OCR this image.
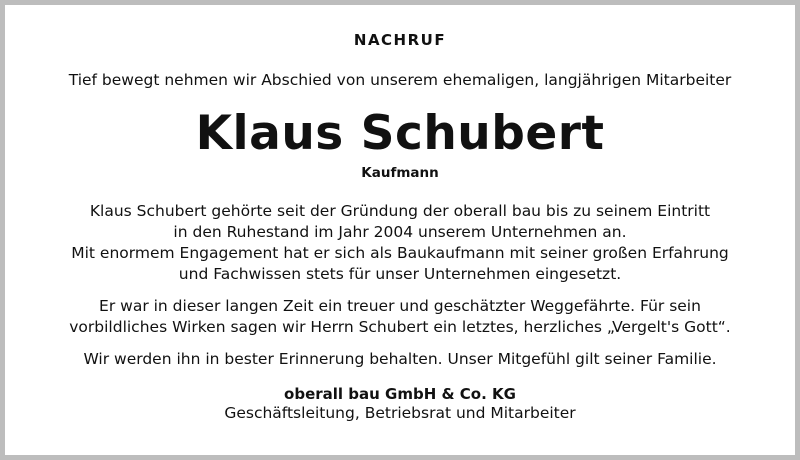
NACHRUF
Tief bewegt nehmen wir Abschied von unserem ehemaligen, langjährigen Mitarbeiter
Klaus Schubert
Kaufmann
Klaus Schubert gehörte seit der Gründung der oberall bau bis zu seinem Eintritt
in den Ruhestand im Jahr 2004 unserem Unternehmen an.
Mit enormem Engagement hat er sich als Baukaufmann mit seiner großen Erfahrung
und Fachwissen stets für unser Unternehmen eingesetzt.
Er war in dieser langen Zeit ein treuer und geschätzter Weggefährte. Für sein
vorbildliches Wirken sagen wir Herrn Schubert ein letztes, herzliches „Vergelt's Gott“.
Wir werden ihn in bester Erinnerung behalten. Unser Mitgefühl gilt seiner Familie.
oberall bau GmbH & Co. KG
Geschäftsleitung, Betriebsrat und Mitarbeiter
